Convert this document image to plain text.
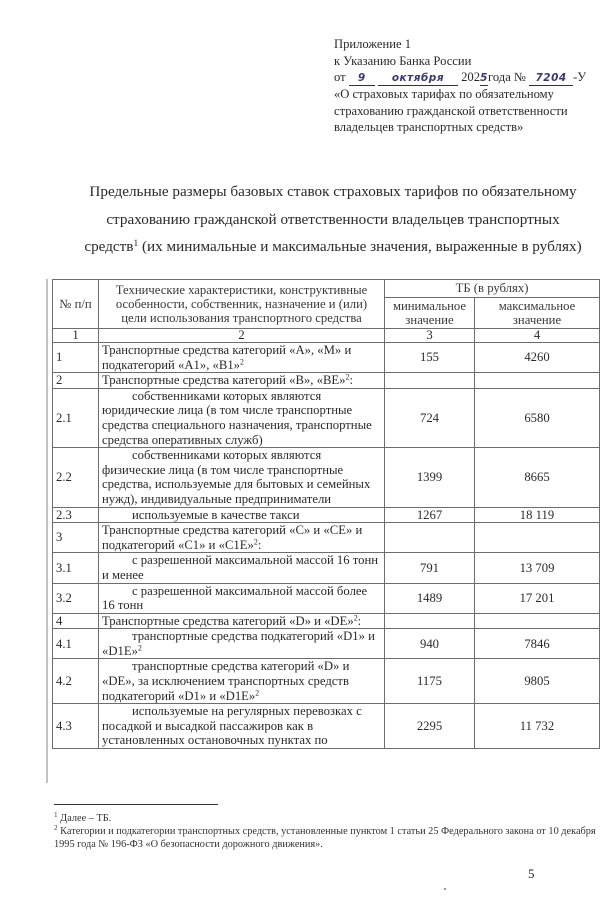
Приложение 1
к Указанию Банка России
от 9 октября 2025года № 7204 -У
«О страховых тарифах по обязательному
страхованию гражданской ответственности
владельцев транспортных средств»
Предельные размеры базовых ставок страховых тарифов по обязательному
страхованию гражданской ответственности владельцев транспортных
средств$^1$ (их минимальные и максимальные значения, выраженные в рублях)
№ п/п	Технические характеристики, конструктивные особенности, собственник, назначение и (или) цели использования транспортного средства	ТБ (в рублях)	
		минимальное значение	максимальное значение
1	2	3	4
1	Транспортные средства категорий «А», «М» и подкатегорий «А1», «В1»$^2$	155	4260
2	Транспортные средства категорий «В», «ВЕ»$^2$:		
2.1	собственниками которых являются юридические лица (в том числе транспортные средства специального назначения, транспортные средства оперативных служб)	724	6580
2.2	собственниками которых являются физические лица (в том числе транспортные средства, используемые для бытовых и семейных нужд), индивидуальные предприниматели	1399	8665
2.3	используемые в качестве такси	1267	18 119
3	Транспортные средства категорий «С» и «СЕ» и подкатегорий «С1» и «С1Е»$^2$:		
3.1	с разрешенной максимальной массой 16 тонн и менее	791	13 709
3.2	с разрешенной максимальной массой более 16 тонн	1489	17 201
4	Транспортные средства категорий «D» и «DE»$^2$:		
4.1	транспортные средства подкатегорий «D1» и «D1E»$^2$	940	7846
4.2	транспортные средства категорий «D» и «DE», за исключением транспортных средств подкатегорий «D1» и «D1E»$^2$	1175	9805
4.3	используемые на регулярных перевозках с посадкой и высадкой пассажиров как в установленных остановочных пунктах по	2295	11 732
$^1$ Далее – ТБ.
$^2$ Категории и подкатегории транспортных средств, установленные пунктом 1 статьи 25 Федерального закона от 10 декабря 1995 года № 196-ФЗ «О безопасности дорожного движения».
5
